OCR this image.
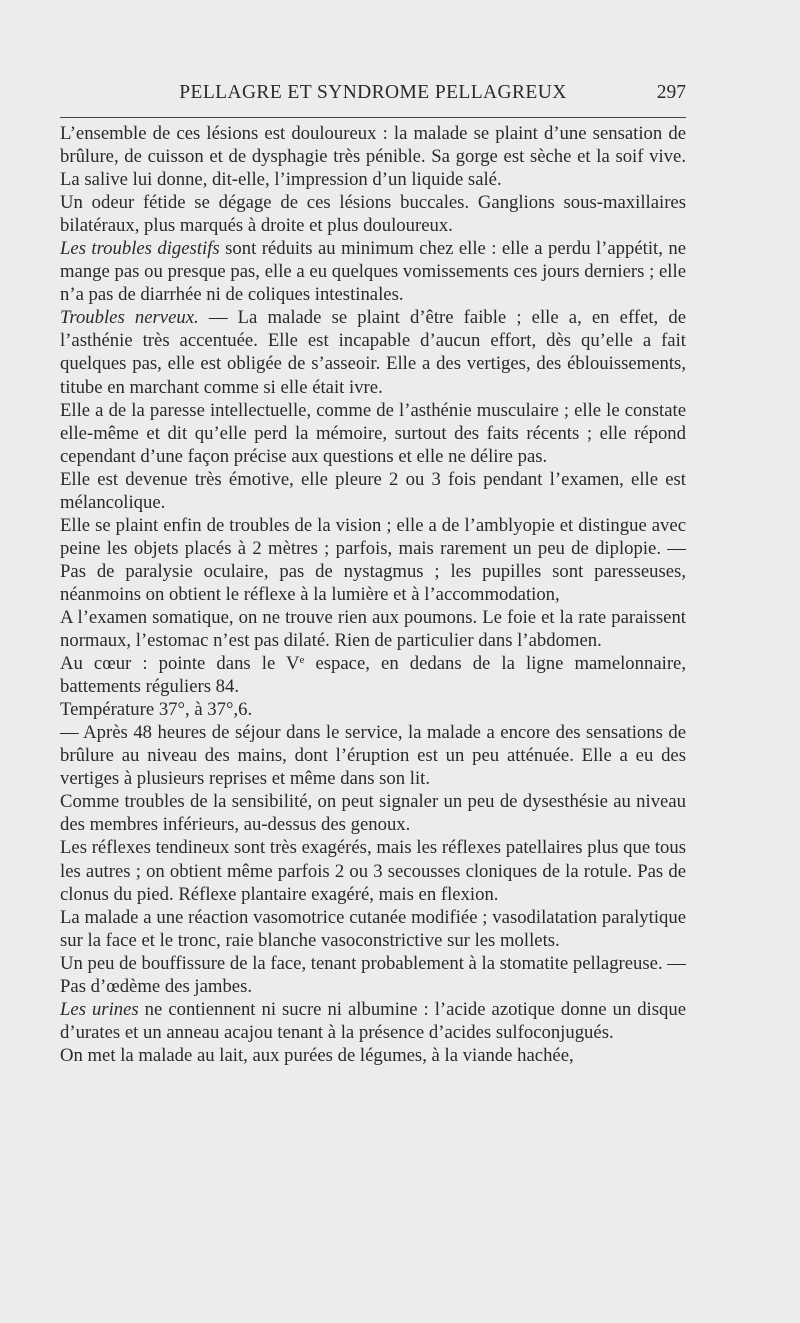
PELLAGRE ET SYNDROME PELLAGREUX	297

L’ensemble de ces lésions est douloureux : la malade se plaint d’une sensation de brûlure, de cuisson et de dysphagie très pénible. Sa gorge est sèche et la soif vive. La salive lui donne, dit-elle, l’impression d’un liquide salé.

Un odeur fétide se dégage de ces lésions buccales. Ganglions sous-maxillaires bilatéraux, plus marqués à droite et plus douloureux.

Les troubles digestifs sont réduits au minimum chez elle : elle a perdu l’appétit, ne mange pas ou presque pas, elle a eu quelques vomissements ces jours derniers ; elle n’a pas de diarrhée ni de coliques intestinales.

Troubles nerveux. — La malade se plaint d’être faible ; elle a, en effet, de l’asthénie très accentuée. Elle est incapable d’aucun effort, dès qu’elle a fait quelques pas, elle est obligée de s’asseoir. Elle a des vertiges, des éblouissements, titube en marchant comme si elle était ivre.

Elle a de la paresse intellectuelle, comme de l’asthénie musculaire ; elle le constate elle-même et dit qu’elle perd la mémoire, surtout des faits récents ; elle répond cependant d’une façon précise aux questions et elle ne délire pas.

Elle est devenue très émotive, elle pleure 2 ou 3 fois pendant l’examen, elle est mélancolique.

Elle se plaint enfin de troubles de la vision ; elle a de l’amblyopie et distingue avec peine les objets placés à 2 mètres ; parfois, mais rarement un peu de diplopie. — Pas de paralysie oculaire, pas de nystagmus ; les pupilles sont paresseuses, néanmoins on obtient le réflexe à la lumière et à l’accommodation,

A l’examen somatique, on ne trouve rien aux poumons. Le foie et la rate paraissent normaux, l’estomac n’est pas dilaté. Rien de particulier dans l’abdomen.

Au cœur : pointe dans le Ve espace, en dedans de la ligne mamelonnaire, battements réguliers 84.

Température 37°, à 37°,6.

— Après 48 heures de séjour dans le service, la malade a encore des sensations de brûlure au niveau des mains, dont l’éruption est un peu atténuée. Elle a eu des vertiges à plusieurs reprises et même dans son lit.

Comme troubles de la sensibilité, on peut signaler un peu de dysesthésie au niveau des membres inférieurs, au-dessus des genoux.

Les réflexes tendineux sont très exagérés, mais les réflexes patellaires plus que tous les autres ; on obtient même parfois 2 ou 3 secousses cloniques de la rotule. Pas de clonus du pied. Réflexe plantaire exagéré, mais en flexion.

La malade a une réaction vasomotrice cutanée modifiée ; vasodilatation paralytique sur la face et le tronc, raie blanche vasoconstrictive sur les mollets.

Un peu de bouffissure de la face, tenant probablement à la stomatite pellagreuse. — Pas d’œdème des jambes.

Les urines ne contiennent ni sucre ni albumine : l’acide azotique donne un disque d’urates et un anneau acajou tenant à la présence d’acides sulfoconjugués.

On met la malade au lait, aux purées de légumes, à la viande hachée,
